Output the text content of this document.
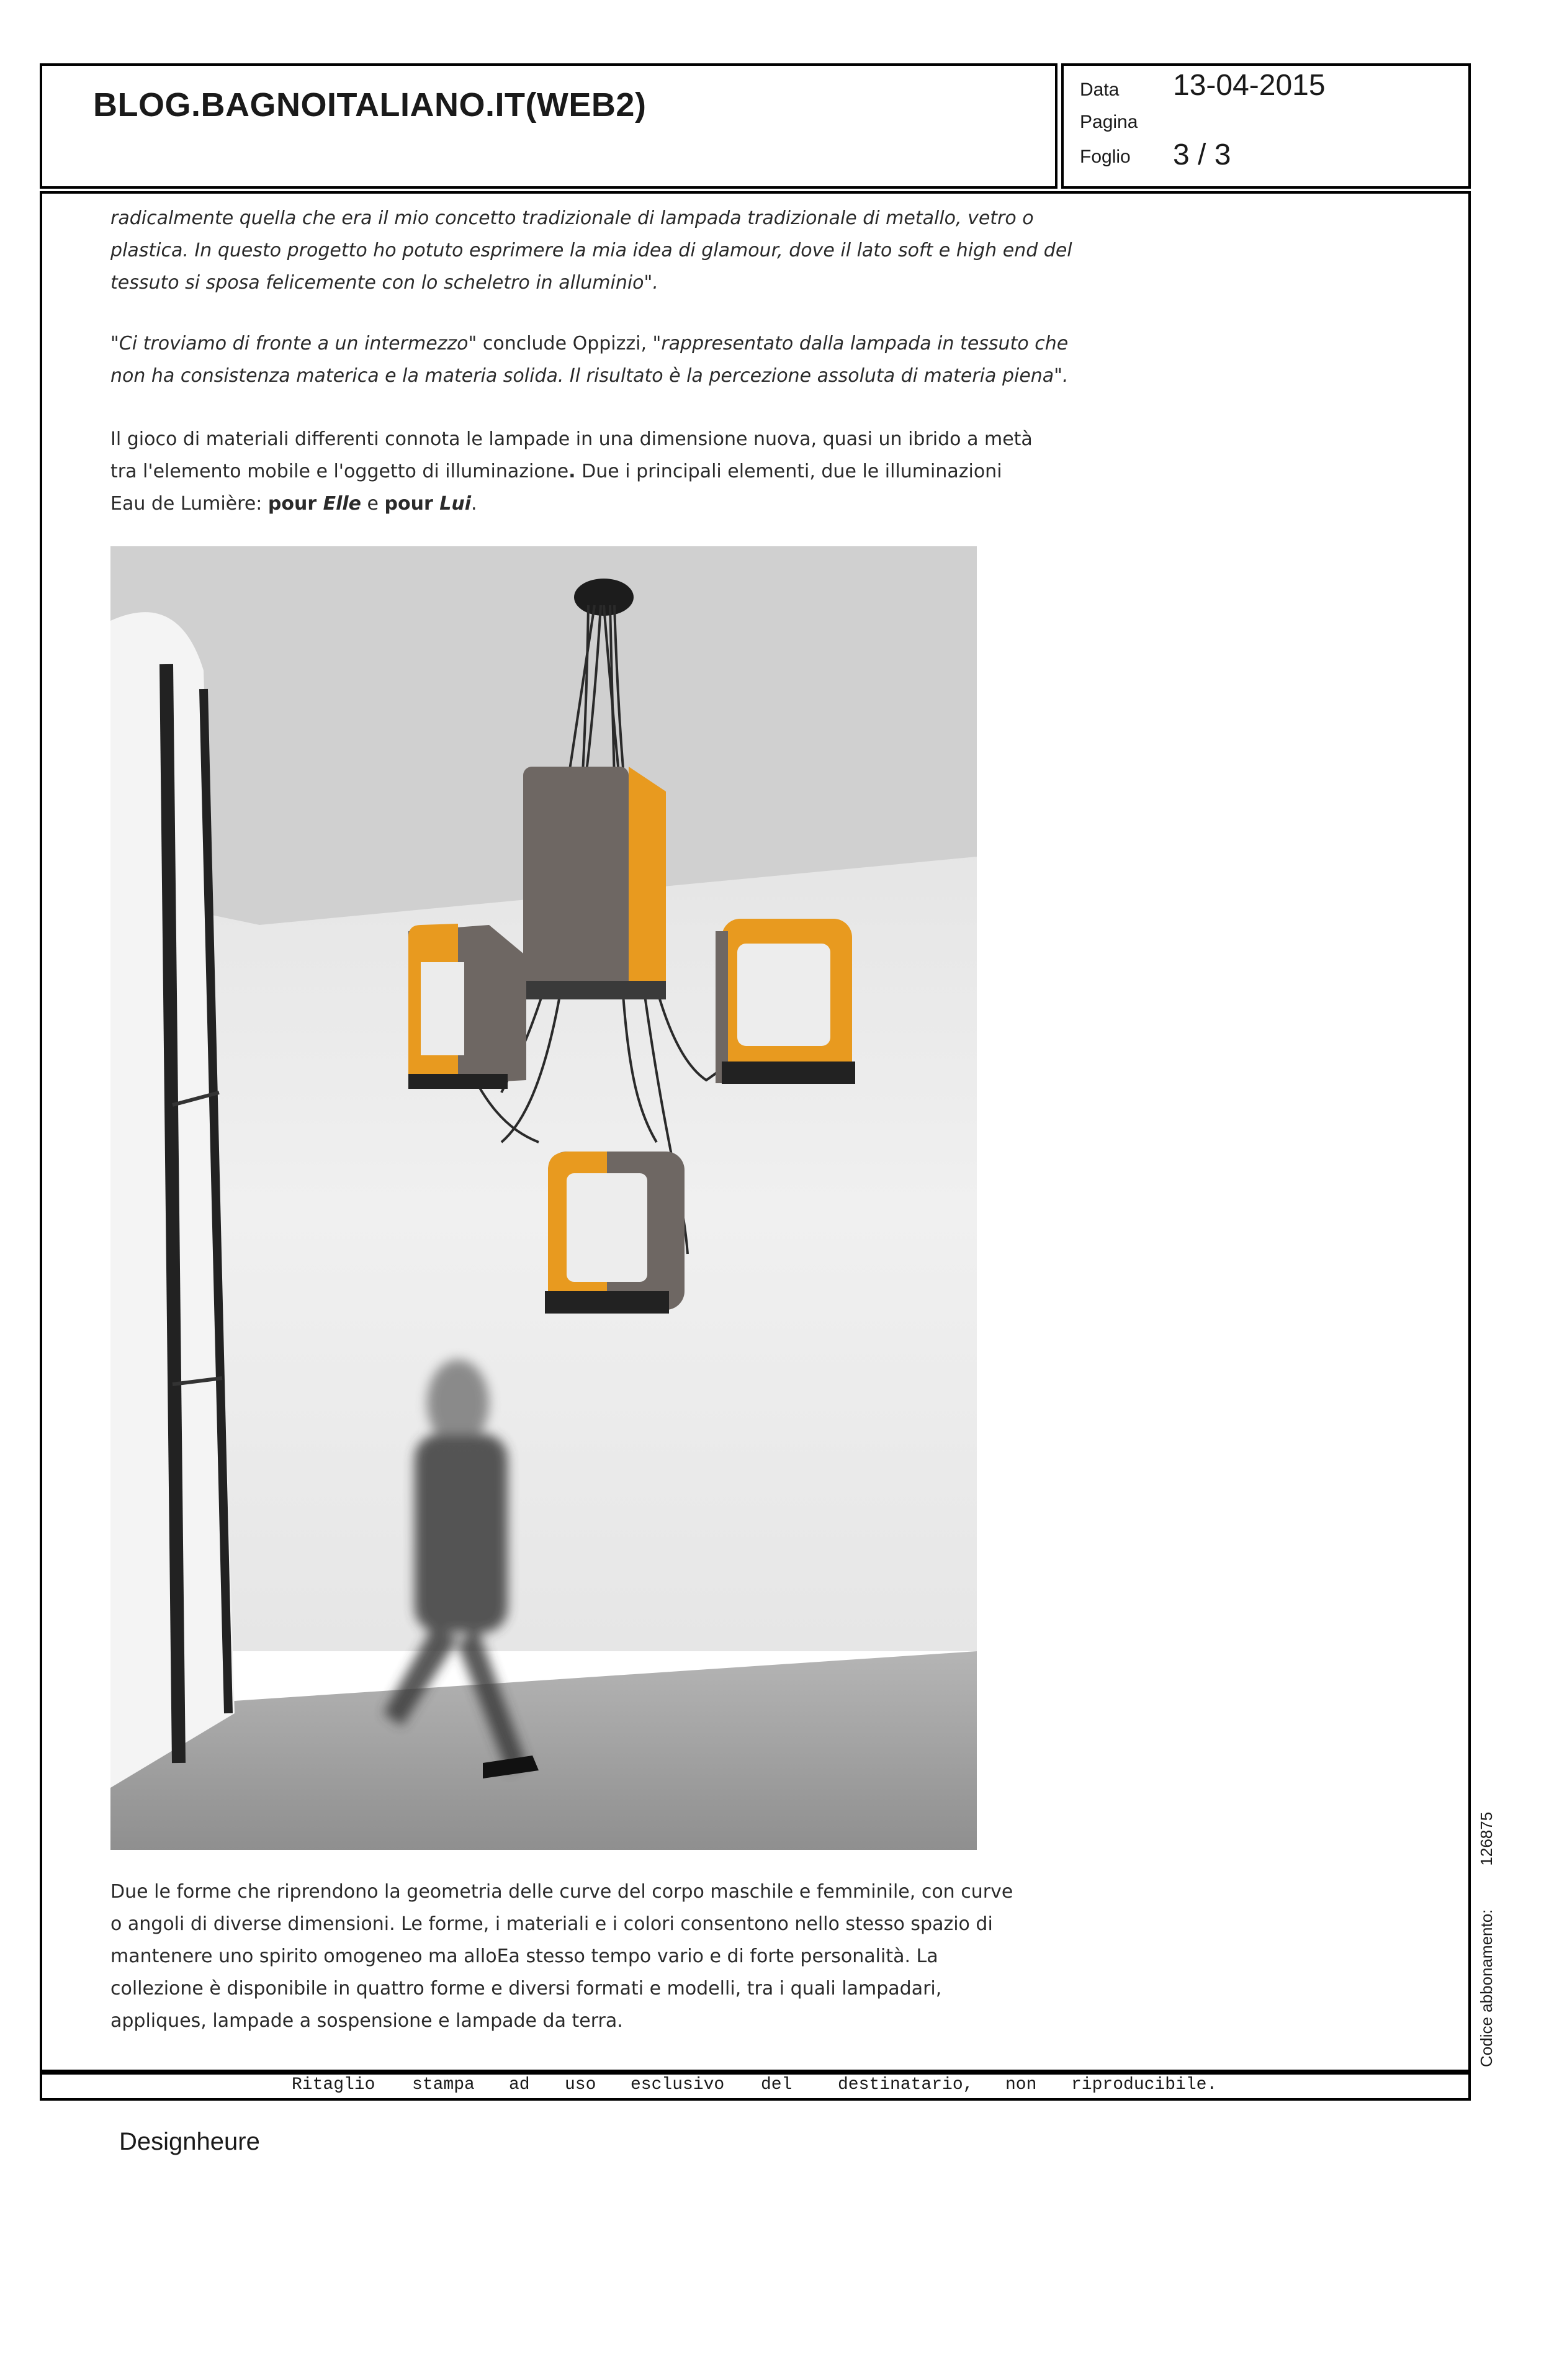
BLOG.BAGNOITALIANO.IT(WEB2)	Data 13-04-2015
Pagina
Foglio 3 / 3
radicalmente quella che era il mio concetto tradizionale di lampada tradizionale di metallo, vetro o
plastica. In questo progetto ho potuto esprimere la mia idea di glamour, dove il lato soft e high end del
tessuto si sposa felicemente con lo scheletro in alluminio".
"Ci troviamo di fronte a un intermezzo" conclude Oppizzi, "rappresentato dalla lampada in tessuto che
non ha consistenza materica e la materia solida. Il risultato è la percezione assoluta di materia piena".
Il gioco di materiali differenti connota le lampade in una dimensione nuova, quasi un ibrido a metà
tra l'elemento mobile e l'oggetto di illuminazione. Due i principali elementi, due le illuminazioni
Eau de Lumière: pour Elle e pour Lui.
Due le forme che riprendono la geometria delle curve del corpo maschile e femminile, con curve
o angoli di diverse dimensioni. Le forme, i materiali e i colori consentono nello stesso spazio di
mantenere uno spirito omogeneo ma alloEa stesso tempo vario e di forte personalità. La
collezione è disponibile in quattro forme e diversi formati e modelli, tra i quali lampadari,
appliques, lampade a sospensione e lampade da terra.

Ritaglio

stampa

ad

uso

esclusivo

del

	destinatario,

non

riproducibile.

Codice abbonamento:126875
Designheure
